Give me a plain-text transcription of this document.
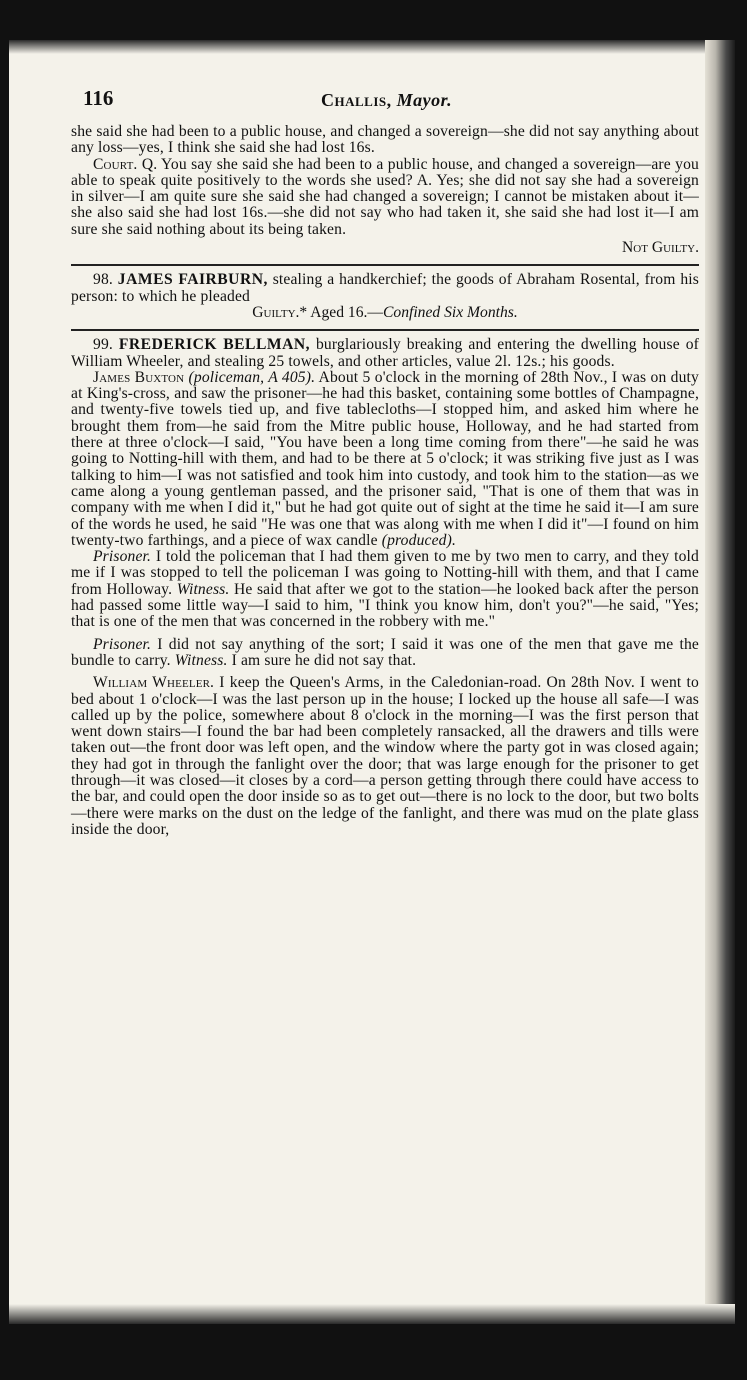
116	Challis, Mayor.

she said she had been to a public house, and changed a sovereign—she did not say anything about any loss—yes, I think she said she had lost 16s.

Court. Q. You say she said she had been to a public house, and changed a sovereign—are you able to speak quite positively to the words she used? A. Yes; she did not say she had a sovereign in silver—I am quite sure she said she had changed a sovereign; I cannot be mistaken about it—she also said she had lost 16s.—she did not say who had taken it, she said she had lost it—I am sure she said nothing about its being taken.

Not Guilty.

98. JAMES FAIRBURN, stealing a handkerchief; the goods of Abraham Rosental, from his person: to which he pleaded

Guilty.* Aged 16.—Confined Six Months.

99. FREDERICK BELLMAN, burglariously breaking and entering the dwelling house of William Wheeler, and stealing 25 towels, and other articles, value 2l. 12s.; his goods.

James Buxton (policeman, A 405). About 5 o'clock in the morning of 28th Nov., I was on duty at King's-cross, and saw the prisoner—he had this basket, containing some bottles of Champagne, and twenty-five towels tied up, and five tablecloths—I stopped him, and asked him where he brought them from—he said from the Mitre public house, Holloway, and he had started from there at three o'clock—I said, "You have been a long time coming from there"—he said he was going to Notting-hill with them, and had to be there at 5 o'clock; it was striking five just as I was talking to him—I was not satisfied and took him into custody, and took him to the station—as we came along a young gentleman passed, and the prisoner said, "That is one of them that was in company with me when I did it," but he had got quite out of sight at the time he said it—I am sure of the words he used, he said "He was one that was along with me when I did it"—I found on him twenty-two farthings, and a piece of wax candle (produced).

Prisoner. I told the policeman that I had them given to me by two men to carry, and they told me if I was stopped to tell the policeman I was going to Notting-hill with them, and that I came from Holloway. Witness. He said that after we got to the station—he looked back after the person had passed some little way—I said to him, "I think you know him, don't you?"—he said, "Yes; that is one of the men that was concerned in the robbery with me."

Prisoner. I did not say anything of the sort; I said it was one of the men that gave me the bundle to carry. Witness. I am sure he did not say that.

William Wheeler. I keep the Queen's Arms, in the Caledonian-road. On 28th Nov. I went to bed about 1 o'clock—I was the last person up in the house; I locked up the house all safe—I was called up by the police, somewhere about 8 o'clock in the morning—I was the first person that went down stairs—I found the bar had been completely ransacked, all the drawers and tills were taken out—the front door was left open, and the window where the party got in was closed again; they had got in through the fanlight over the door; that was large enough for the prisoner to get through—it was closed—it closes by a cord—a person getting through there could have access to the bar, and could open the door inside so as to get out—there is no lock to the door, but two bolts—there were marks on the dust on the ledge of the fanlight, and there was mud on the plate glass inside the door,
